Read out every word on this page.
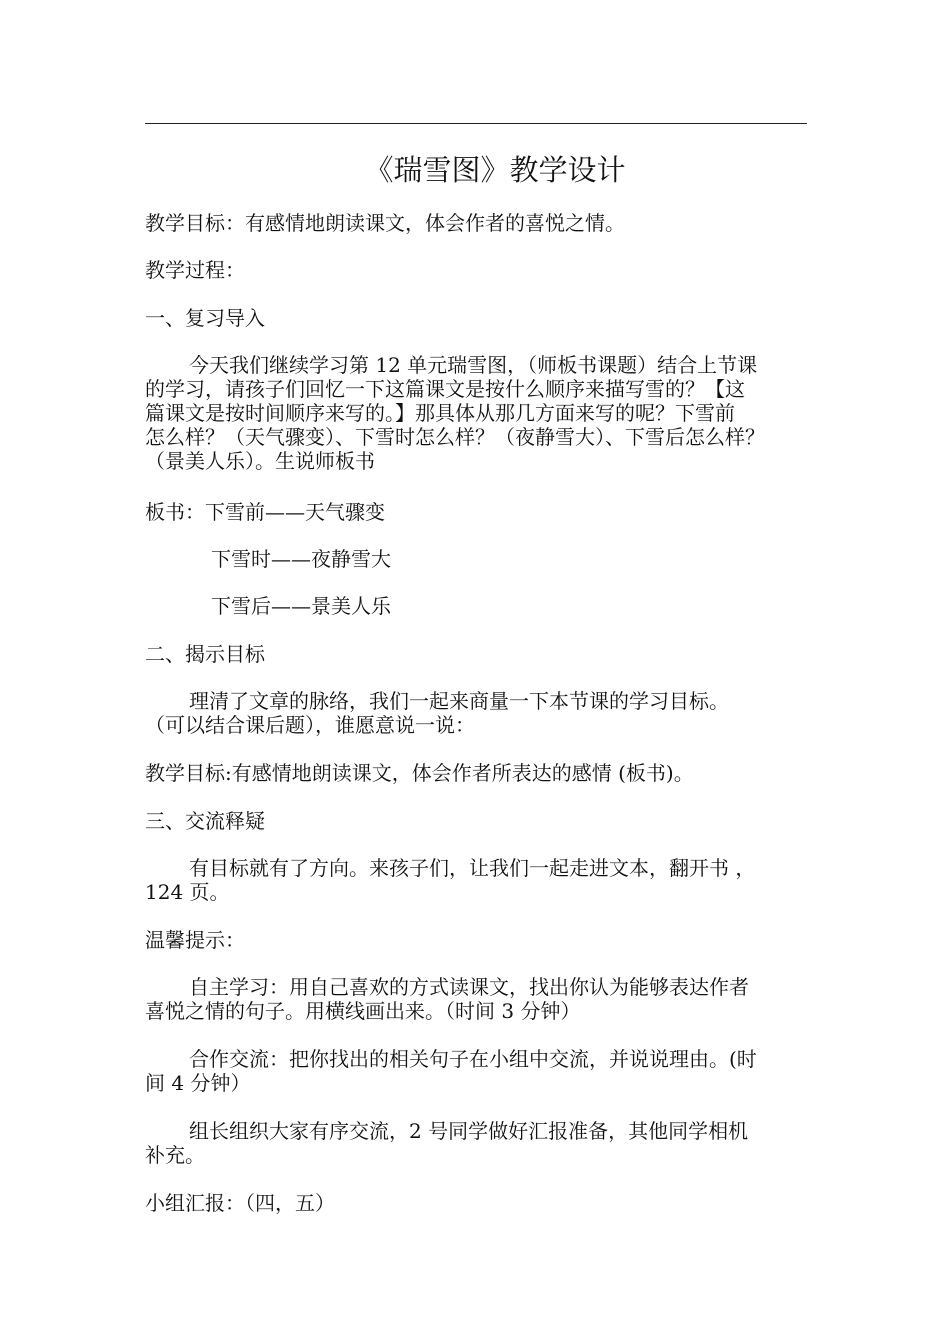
《瑞雪图》教学设计
教学目标：有感情地朗读课文，体会作者的喜悦之情。
教学过程：
一、复习导入
今天我们继续学习第 12 单元瑞雪图，（师板书课题）结合上节课
的学习，请孩子们回忆一下这篇课文是按什么顺序来描写雪的？【这
篇课文是按时间顺序来写的。】那具体从那几方面来写的呢？下雪前
怎么样？（天气骤变）、下雪时怎么样？（夜静雪大）、下雪后怎么样？
（景美人乐）。生说师板书
板书：下雪前——天气骤变
下雪时——夜静雪大
下雪后——景美人乐
二、揭示目标
理清了文章的脉络，我们一起来商量一下本节课的学习目标。
（可以结合课后题），谁愿意说一说：
教学目标:有感情地朗读课文，体会作者所表达的感情 (板书)。
三、交流释疑
有目标就有了方向。来孩子们，让我们一起走进文本，翻开书 ，
124 页。
温馨提示：
自主学习：用自己喜欢的方式读课文，找出你认为能够表达作者
喜悦之情的句子。用横线画出来。（时间 3 分钟）
合作交流：把你找出的相关句子在小组中交流，并说说理由。(时
间 4 分钟）
组长组织大家有序交流，2 号同学做好汇报准备，其他同学相机
补充。
小组汇报：（四，五）
